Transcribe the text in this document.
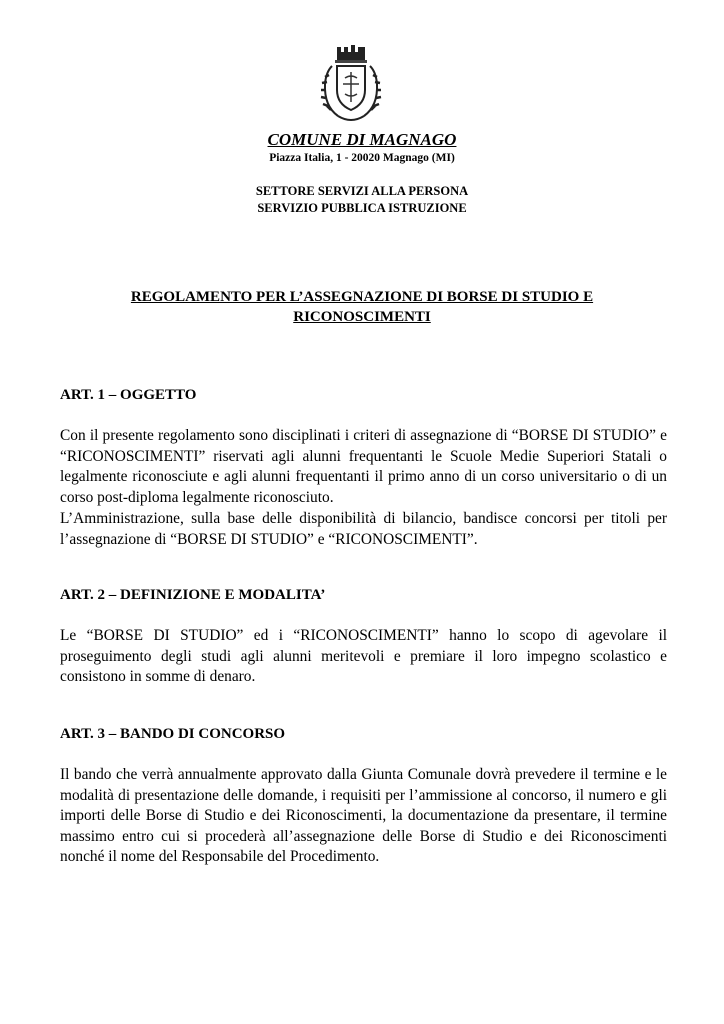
COMUNE DI MAGNAGO
Piazza Italia, 1 - 20020 Magnago (MI)
SETTORE SERVIZI ALLA PERSONA
SERVIZIO PUBBLICA ISTRUZIONE
REGOLAMENTO PER L’ASSEGNAZIONE DI BORSE DI STUDIO E
RICONOSCIMENTI
ART. 1 – OGGETTO

Con il presente regolamento sono disciplinati i criteri di assegnazione di “BORSE DI STUDIO” e “RICONOSCIMENTI” riservati agli alunni frequentanti le Scuole Medie Superiori Statali o legalmente riconosciute e agli alunni frequentanti il primo anno di un corso universitario o di un corso post-diploma legalmente riconosciuto.

L’Amministrazione, sulla base delle disponibilità di bilancio, bandisce concorsi per titoli per l’assegnazione di “BORSE DI STUDIO” e “RICONOSCIMENTI”.

ART. 2 – DEFINIZIONE E MODALITA’

Le “BORSE DI STUDIO” ed i “RICONOSCIMENTI” hanno lo scopo di agevolare il proseguimento degli studi agli alunni meritevoli e premiare il loro impegno scolastico e consistono in somme di denaro.

ART. 3 – BANDO DI CONCORSO

Il bando che verrà annualmente approvato dalla Giunta Comunale dovrà prevedere il termine e le modalità di presentazione delle domande, i requisiti per l’ammissione al concorso, il numero e gli importi delle Borse di Studio e dei Riconoscimenti, la documentazione da presentare, il termine massimo entro cui si procederà all’assegnazione delle Borse di Studio e dei Riconoscimenti nonché il nome del Responsabile del Procedimento.
